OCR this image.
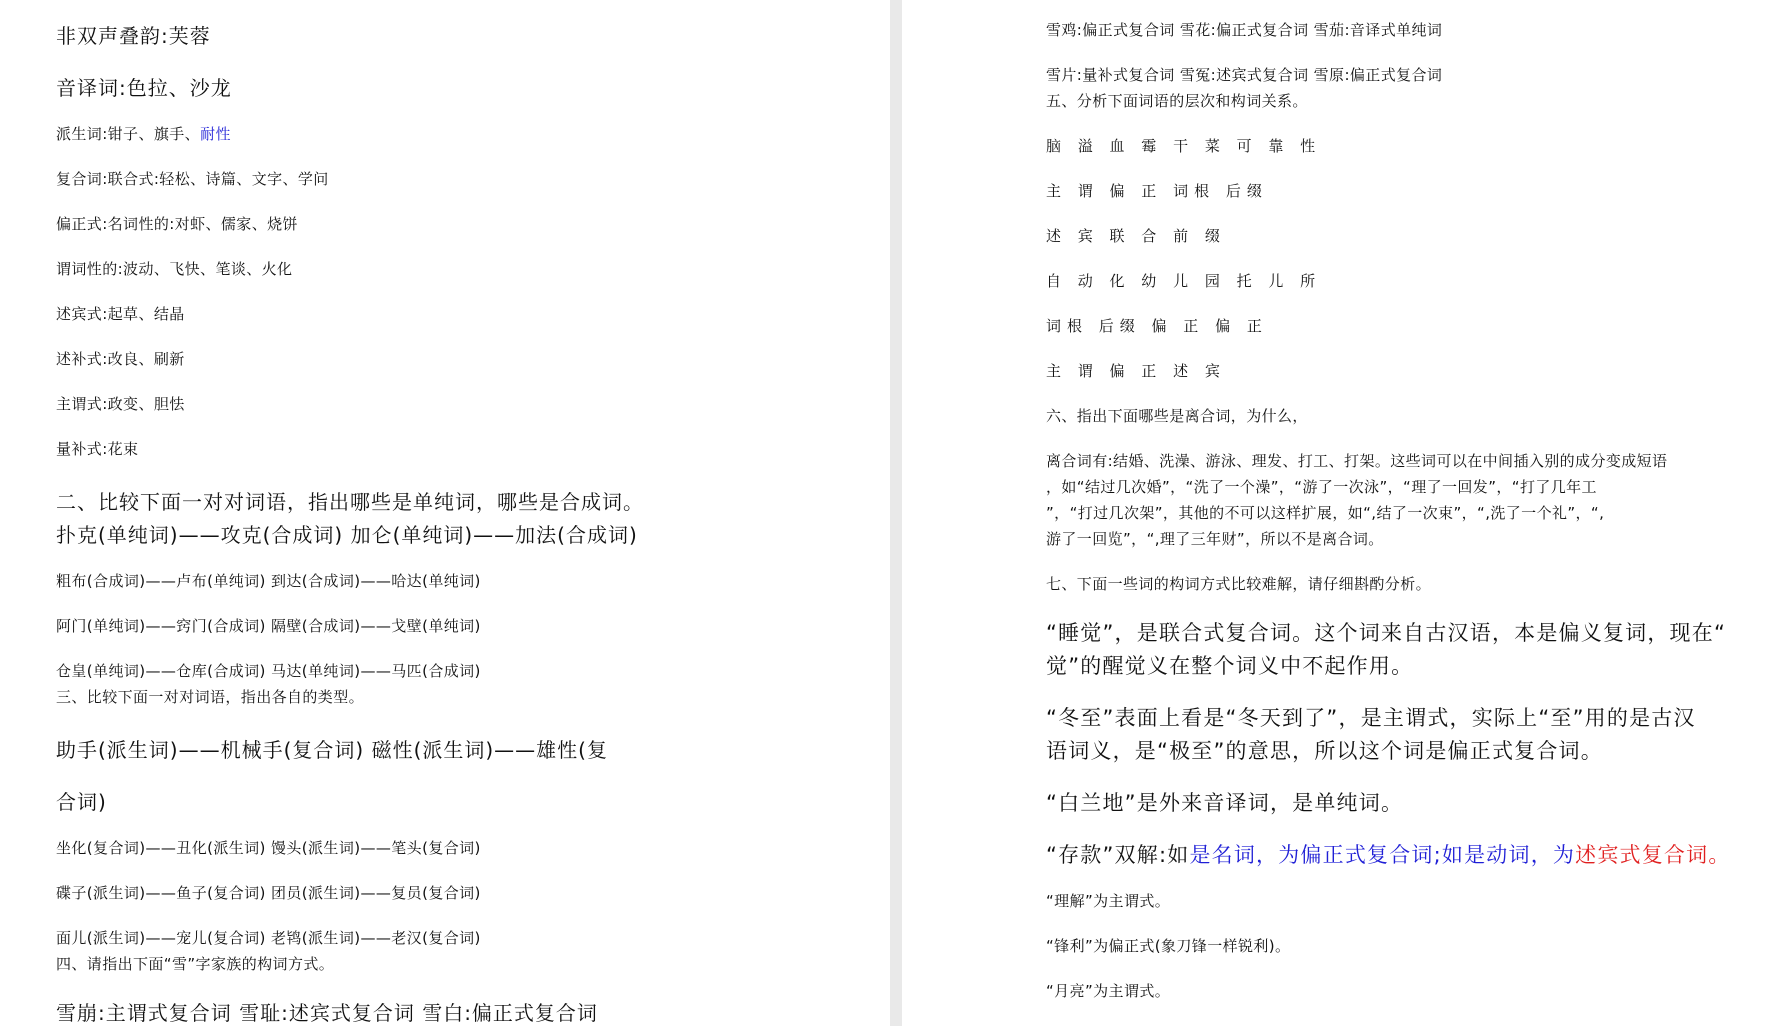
非双声叠韵:芙蓉
音译词:色拉、沙龙
派生词:钳子、旗手、耐性
复合词:联合式:轻松、诗篇、文字、学问
偏正式:名词性的:对虾、儒家、烧饼
谓词性的:波动、飞快、笔谈、火化
述宾式:起草、结晶
述补式:改良、刷新
主谓式:政变、胆怯
量补式:花束
二、比较下面一对对词语，指出哪些是单纯词，哪些是合成词。
扑克(单纯词)——攻克(合成词) 加仑(单纯词)——加法(合成词)
粗布(合成词)——卢布(单纯词) 到达(合成词)——哈达(单纯词)
阿门(单纯词)——窍门(合成词) 隔壁(合成词)——戈壁(单纯词)
仓皇(单纯词)——仓库(合成词) 马达(单纯词)——马匹(合成词)
三、比较下面一对对词语，指出各自的类型。
助手(派生词)——机械手(复合词) 磁性(派生词)——雄性(复
合词)
坐化(复合词)——丑化(派生词) 馒头(派生词)——笔头(复合词)
碟子(派生词)——鱼子(复合词) 团员(派生词)——复员(复合词)
面儿(派生词)——宠儿(复合词) 老鸨(派生词)——老汉(复合词)
四、请指出下面“雪”字家族的构词方式。
雪崩:主谓式复合词 雪耻:述宾式复合词 雪白:偏正式复合词
雪鸡:偏正式复合词 雪花:偏正式复合词 雪茄:音译式单纯词
雪片:量补式复合词 雪冤:述宾式复合词 雪原:偏正式复合词
五、分析下面词语的层次和构词关系。
脑 溢 血 霉 干 菜 可 靠 性
主 谓 偏 正 词根 后缀
述 宾 联 合 前 缀
自 动 化 幼 儿 园 托 儿 所
词根 后缀 偏 正 偏 正
主 谓 偏 正 述 宾
六、指出下面哪些是离合词，为什么，
离合词有:结婚、洗澡、游泳、理发、打工、打架。这些词可以在中间插入别的成分变成短语
，如“结过几次婚”，“洗了一个澡”，“游了一次泳”，“理了一回发”，“打了几年工
”，“打过几次架”，其他的不可以这样扩展，如“,结了一次束”，“,洗了一个礼”，“,
游了一回览”，“,理了三年财”，所以不是离合词。
七、下面一些词的构词方式比较难解，请仔细斟酌分析。
“睡觉”，是联合式复合词。这个词来自古汉语，本是偏义复词，现在“
觉”的醒觉义在整个词义中不起作用。
“冬至”表面上看是“冬天到了”，是主谓式，实际上“至”用的是古汉
语词义，是“极至”的意思，所以这个词是偏正式复合词。
“白兰地”是外来音译词，是单纯词。
“存款”双解:如是名词，为偏正式复合词;如是动词，为述宾式复合词。
“理解”为主谓式。
“锋利”为偏正式(象刀锋一样锐利)。
“月亮”为主谓式。
